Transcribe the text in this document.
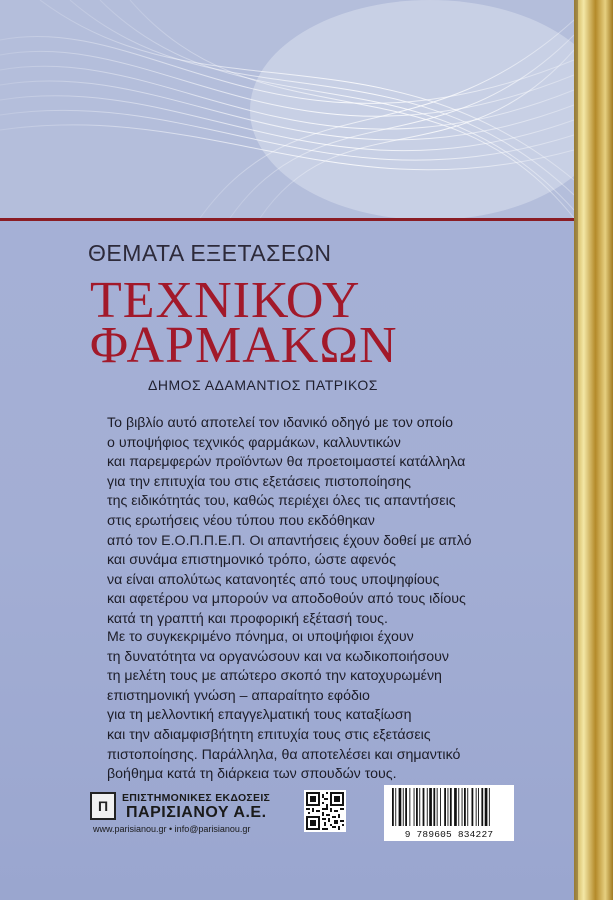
ΘΕΜΑΤΑ ΕΞΕΤΑΣΕΩΝ
ΤΕΧΝΙΚΟΥ
ΦΑΡΜΑΚΩΝ
ΔΗΜΟΣ ΑΔΑΜΑΝΤΙΟΣ ΠΑΤΡΙΚΟΣ
Το βιβλίο αυτό αποτελεί τον ιδανικό οδηγό με τον οποίο
ο υποψήφιος τεχνικός φαρμάκων, καλλυντικών
και παρεμφερών προϊόντων θα προετοιμαστεί κατάλληλα
για την επιτυχία του στις εξετάσεις πιστοποίησης
της ειδικότητάς του, καθώς περιέχει όλες τις απαντήσεις
στις ερωτήσεις νέου τύπου που εκδόθηκαν
από τον Ε.Ο.Π.Π.Ε.Π. Οι απαντήσεις έχουν δοθεί με απλό
και συνάμα επιστημονικό τρόπο, ώστε αφενός
να είναι απολύτως κατανοητές από τους υποψηφίους
και αφετέρου να μπορούν να αποδοθούν από τους ιδίους
κατά τη γραπτή και προφορική εξέτασή τους.
Με το συγκεκριμένο πόνημα, οι υποψήφιοι έχουν
τη δυνατότητα να οργανώσουν και να κωδικοποιήσουν
τη μελέτη τους με απώτερο σκοπό την κατοχυρωμένη
επιστημονική γνώση – απαραίτητο εφόδιο
για τη μελλοντική επαγγελματική τους καταξίωση
και την αδιαμφισβήτητη επιτυχία τους στις εξετάσεις
πιστοποίησης. Παράλληλα, θα αποτελέσει και σημαντικό
βοήθημα κατά τη διάρκεια των σπουδών τους.
Π	ΕΠΙΣΤΗΜΟΝΙΚΕΣ ΕΚΔΟΣΕΙΣ
ΠΑΡΙΣΙΑΝΟΥ Α.Ε.
www.parisianou.gr • info@parisianou.gr	9 789605 834227
